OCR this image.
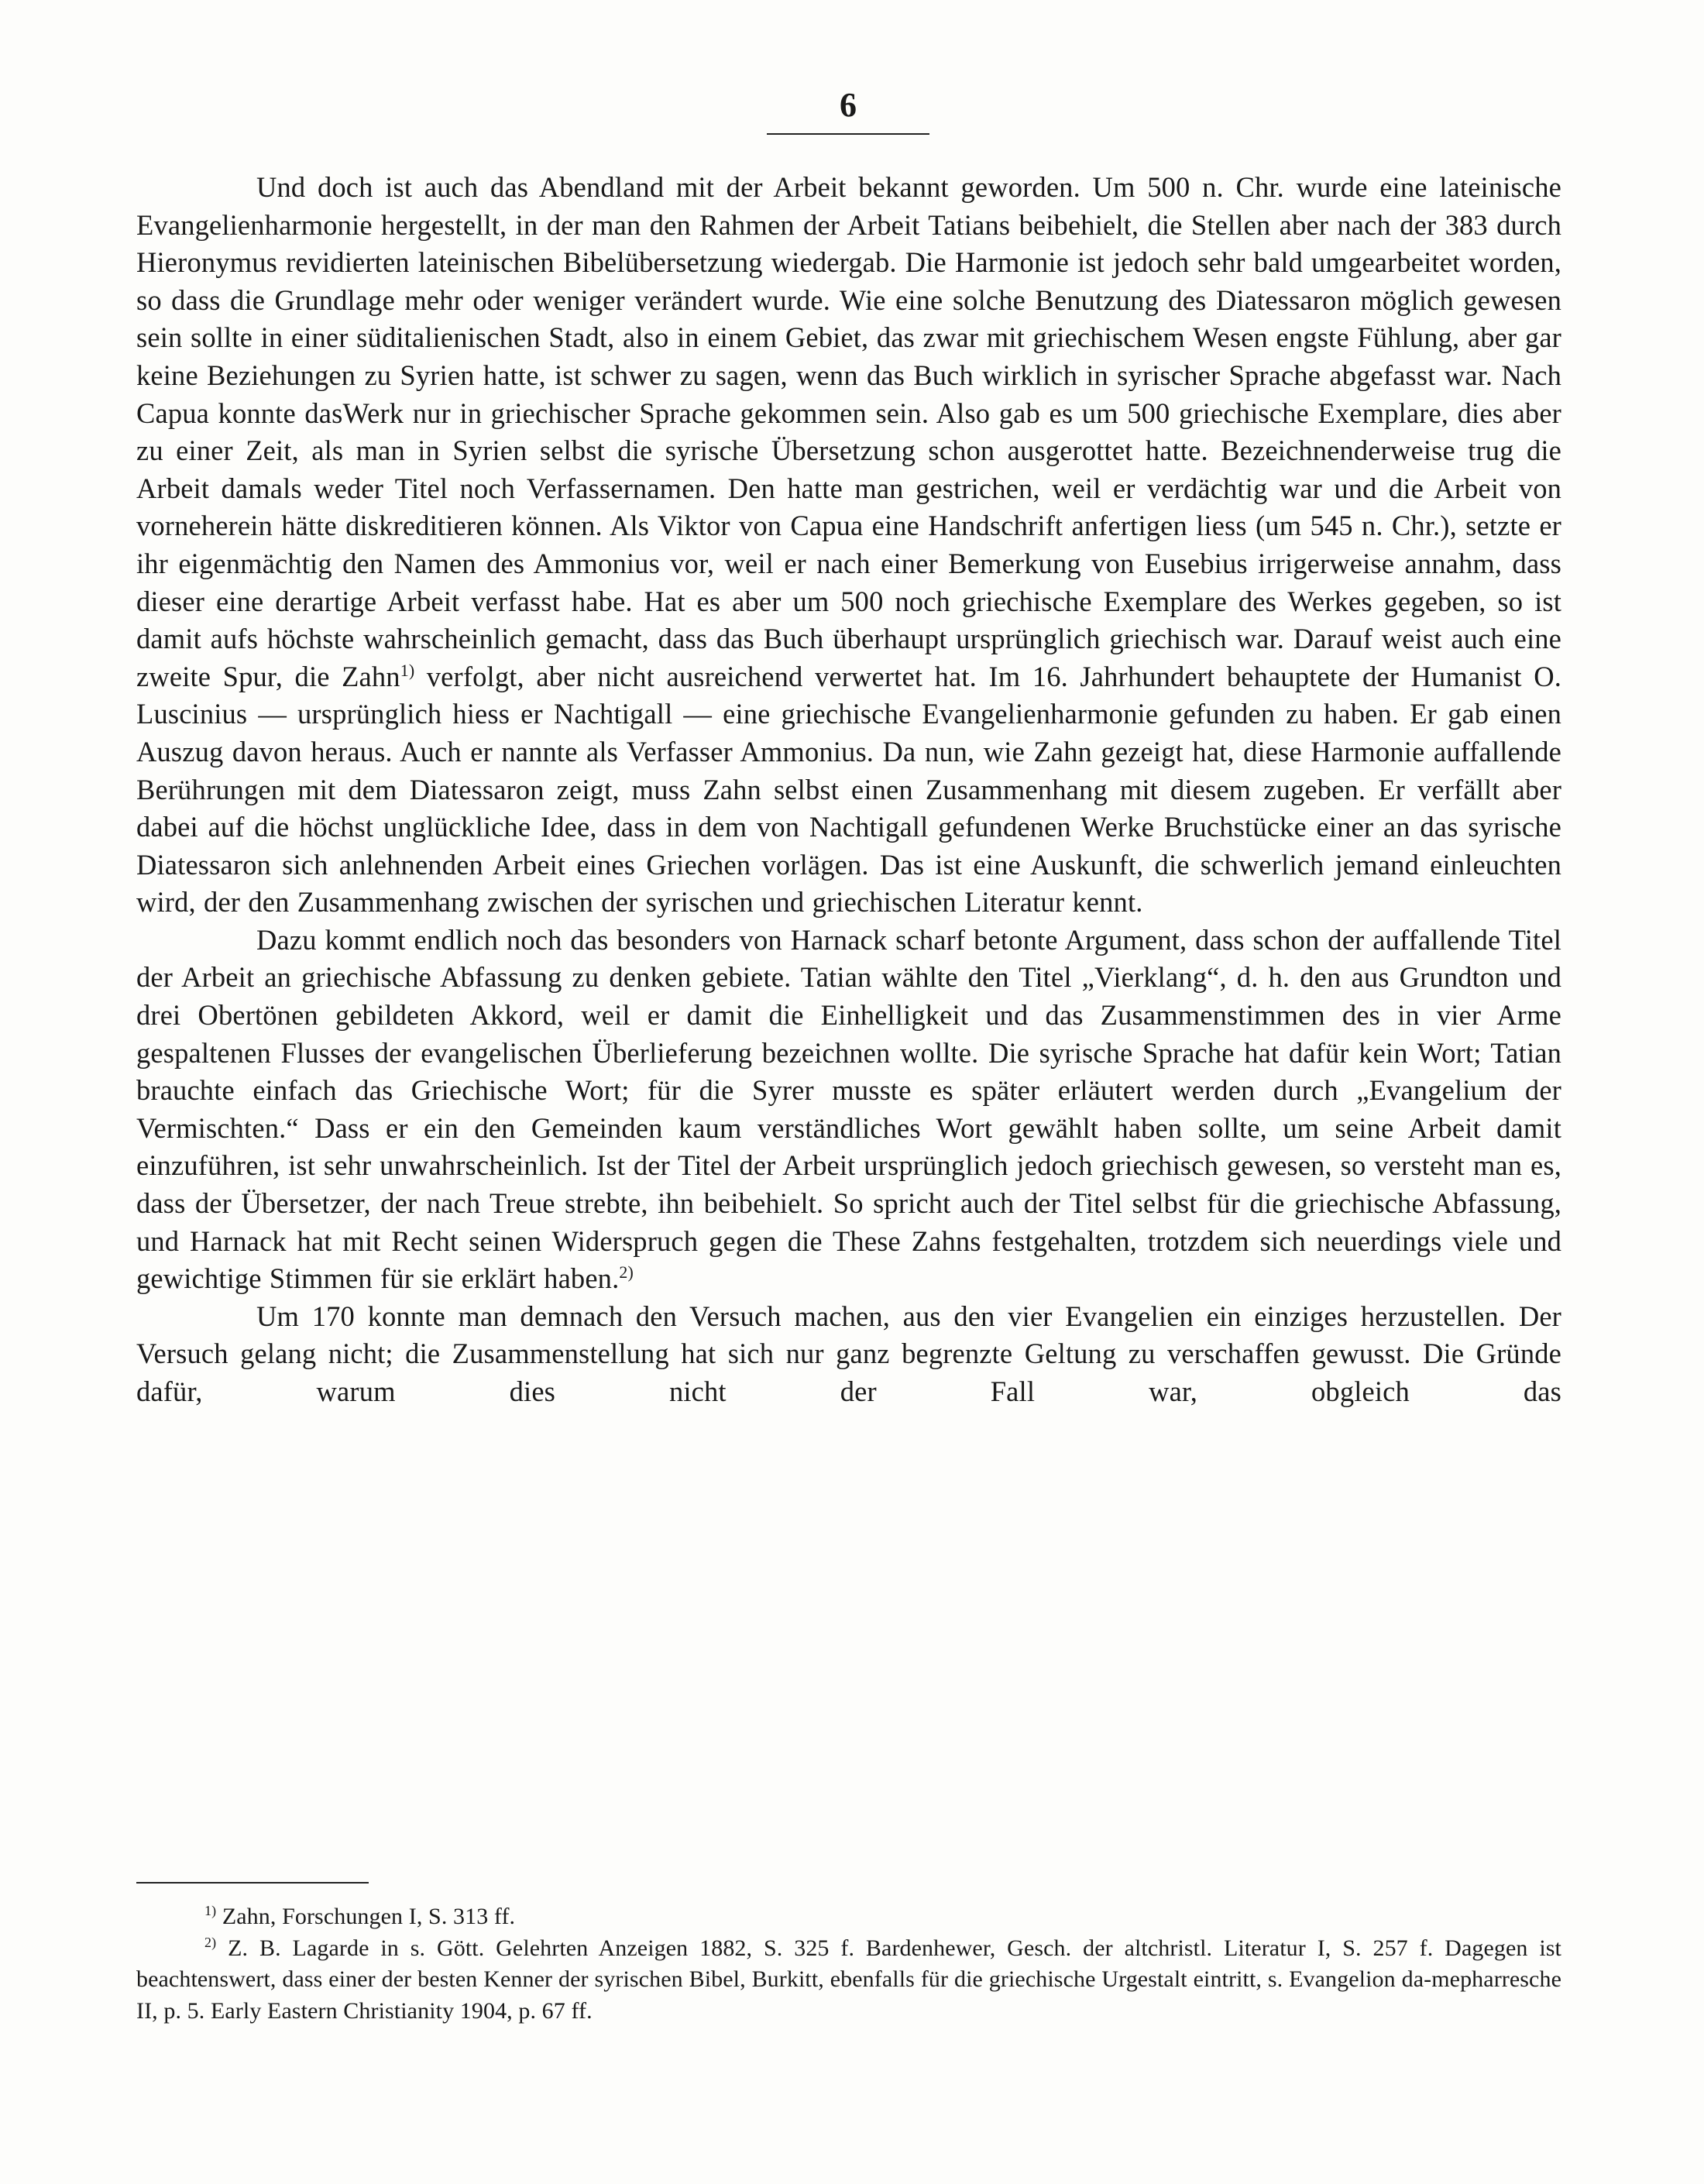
6

Und doch ist auch das Abendland mit der Arbeit bekannt geworden. Um 500 n. Chr. wurde eine lateinische Evangelienharmonie hergestellt, in der man den Rahmen der Arbeit Tatians beibehielt, die Stellen aber nach der 383 durch Hieronymus revidierten lateinischen Bibelübersetzung wiedergab. Die Harmonie ist jedoch sehr bald umgearbeitet worden, so dass die Grundlage mehr oder weniger verändert wurde. Wie eine solche Benutzung des Diatessaron möglich gewesen sein sollte in einer süditalienischen Stadt, also in einem Gebiet, das zwar mit griechischem Wesen engste Fühlung, aber gar keine Beziehungen zu Syrien hatte, ist schwer zu sagen, wenn das Buch wirklich in syrischer Sprache abgefasst war. Nach Capua konnte dasWerk nur in griechischer Sprache gekommen sein. Also gab es um 500 griechische Exemplare, dies aber zu einer Zeit, als man in Syrien selbst die syrische Übersetzung schon ausgerottet hatte. Bezeichnenderweise trug die Arbeit damals weder Titel noch Verfassernamen. Den hatte man gestrichen, weil er verdächtig war und die Arbeit von vorneherein hätte diskreditieren können. Als Viktor von Capua eine Handschrift anfertigen liess (um 545 n. Chr.), setzte er ihr eigenmächtig den Namen des Ammonius vor, weil er nach einer Bemerkung von Eusebius irrigerweise annahm, dass dieser eine derartige Arbeit verfasst habe. Hat es aber um 500 noch griechische Exemplare des Werkes gegeben, so ist damit aufs höchste wahrscheinlich gemacht, dass das Buch überhaupt ursprünglich griechisch war. Darauf weist auch eine zweite Spur, die Zahn$^{1)}$ verfolgt, aber nicht ausreichend verwertet hat. Im 16. Jahrhundert behauptete der Humanist O. Luscinius — ursprünglich hiess er Nachtigall — eine griechische Evangelienharmonie gefunden zu haben. Er gab einen Auszug davon heraus. Auch er nannte als Verfasser Ammonius. Da nun, wie Zahn gezeigt hat, diese Harmonie auffallende Berührungen mit dem Diatessaron zeigt, muss Zahn selbst einen Zusammenhang mit diesem zugeben. Er verfällt aber dabei auf die höchst unglückliche Idee, dass in dem von Nachtigall gefundenen Werke Bruchstücke einer an das syrische Diatessaron sich anlehnenden Arbeit eines Griechen vorlägen. Das ist eine Auskunft, die schwerlich jemand einleuchten wird, der den Zusammenhang zwischen der syrischen und griechischen Literatur kennt.

Dazu kommt endlich noch das besonders von Harnack scharf betonte Argument, dass schon der auffallende Titel der Arbeit an griechische Abfassung zu denken gebiete. Tatian wählte den Titel „Vierklang“, d. h. den aus Grundton und drei Obertönen gebildeten Akkord, weil er damit die Einhelligkeit und das Zusammenstimmen des in vier Arme gespaltenen Flusses der evangelischen Überlieferung bezeichnen wollte. Die syrische Sprache hat dafür kein Wort; Tatian brauchte einfach das Griechische Wort; für die Syrer musste es später erläutert werden durch „Evangelium der Vermischten.“ Dass er ein den Gemeinden kaum verständliches Wort gewählt haben sollte, um seine Arbeit damit einzuführen, ist sehr unwahrscheinlich. Ist der Titel der Arbeit ursprünglich jedoch griechisch gewesen, so versteht man es, dass der Übersetzer, der nach Treue strebte, ihn beibehielt. So spricht auch der Titel selbst für die griechische Abfassung, und Harnack hat mit Recht seinen Widerspruch gegen die These Zahns festgehalten, trotzdem sich neuerdings viele und gewichtige Stimmen für sie erklärt haben.$^{2)}$

Um 170 konnte man demnach den Versuch machen, aus den vier Evangelien ein einziges herzustellen. Der Versuch gelang nicht; die Zusammenstellung hat sich nur ganz begrenzte Geltung zu verschaffen gewusst. Die Gründe dafür, warum dies nicht der Fall war, obgleich das

$^{1)}$ Zahn, Forschungen I, S. 313 ff.

$^{2)}$ Z. B. Lagarde in s. Gött. Gelehrten Anzeigen 1882, S. 325 f. Bardenhewer, Gesch. der altchristl. Literatur I, S. 257 f. Dagegen ist beachtenswert, dass einer der besten Kenner der syrischen Bibel, Burkitt, ebenfalls für die griechische Urgestalt eintritt, s. Evangelion da-mepharresche II, p. 5. Early Eastern Christianity 1904, p. 67 ff.
